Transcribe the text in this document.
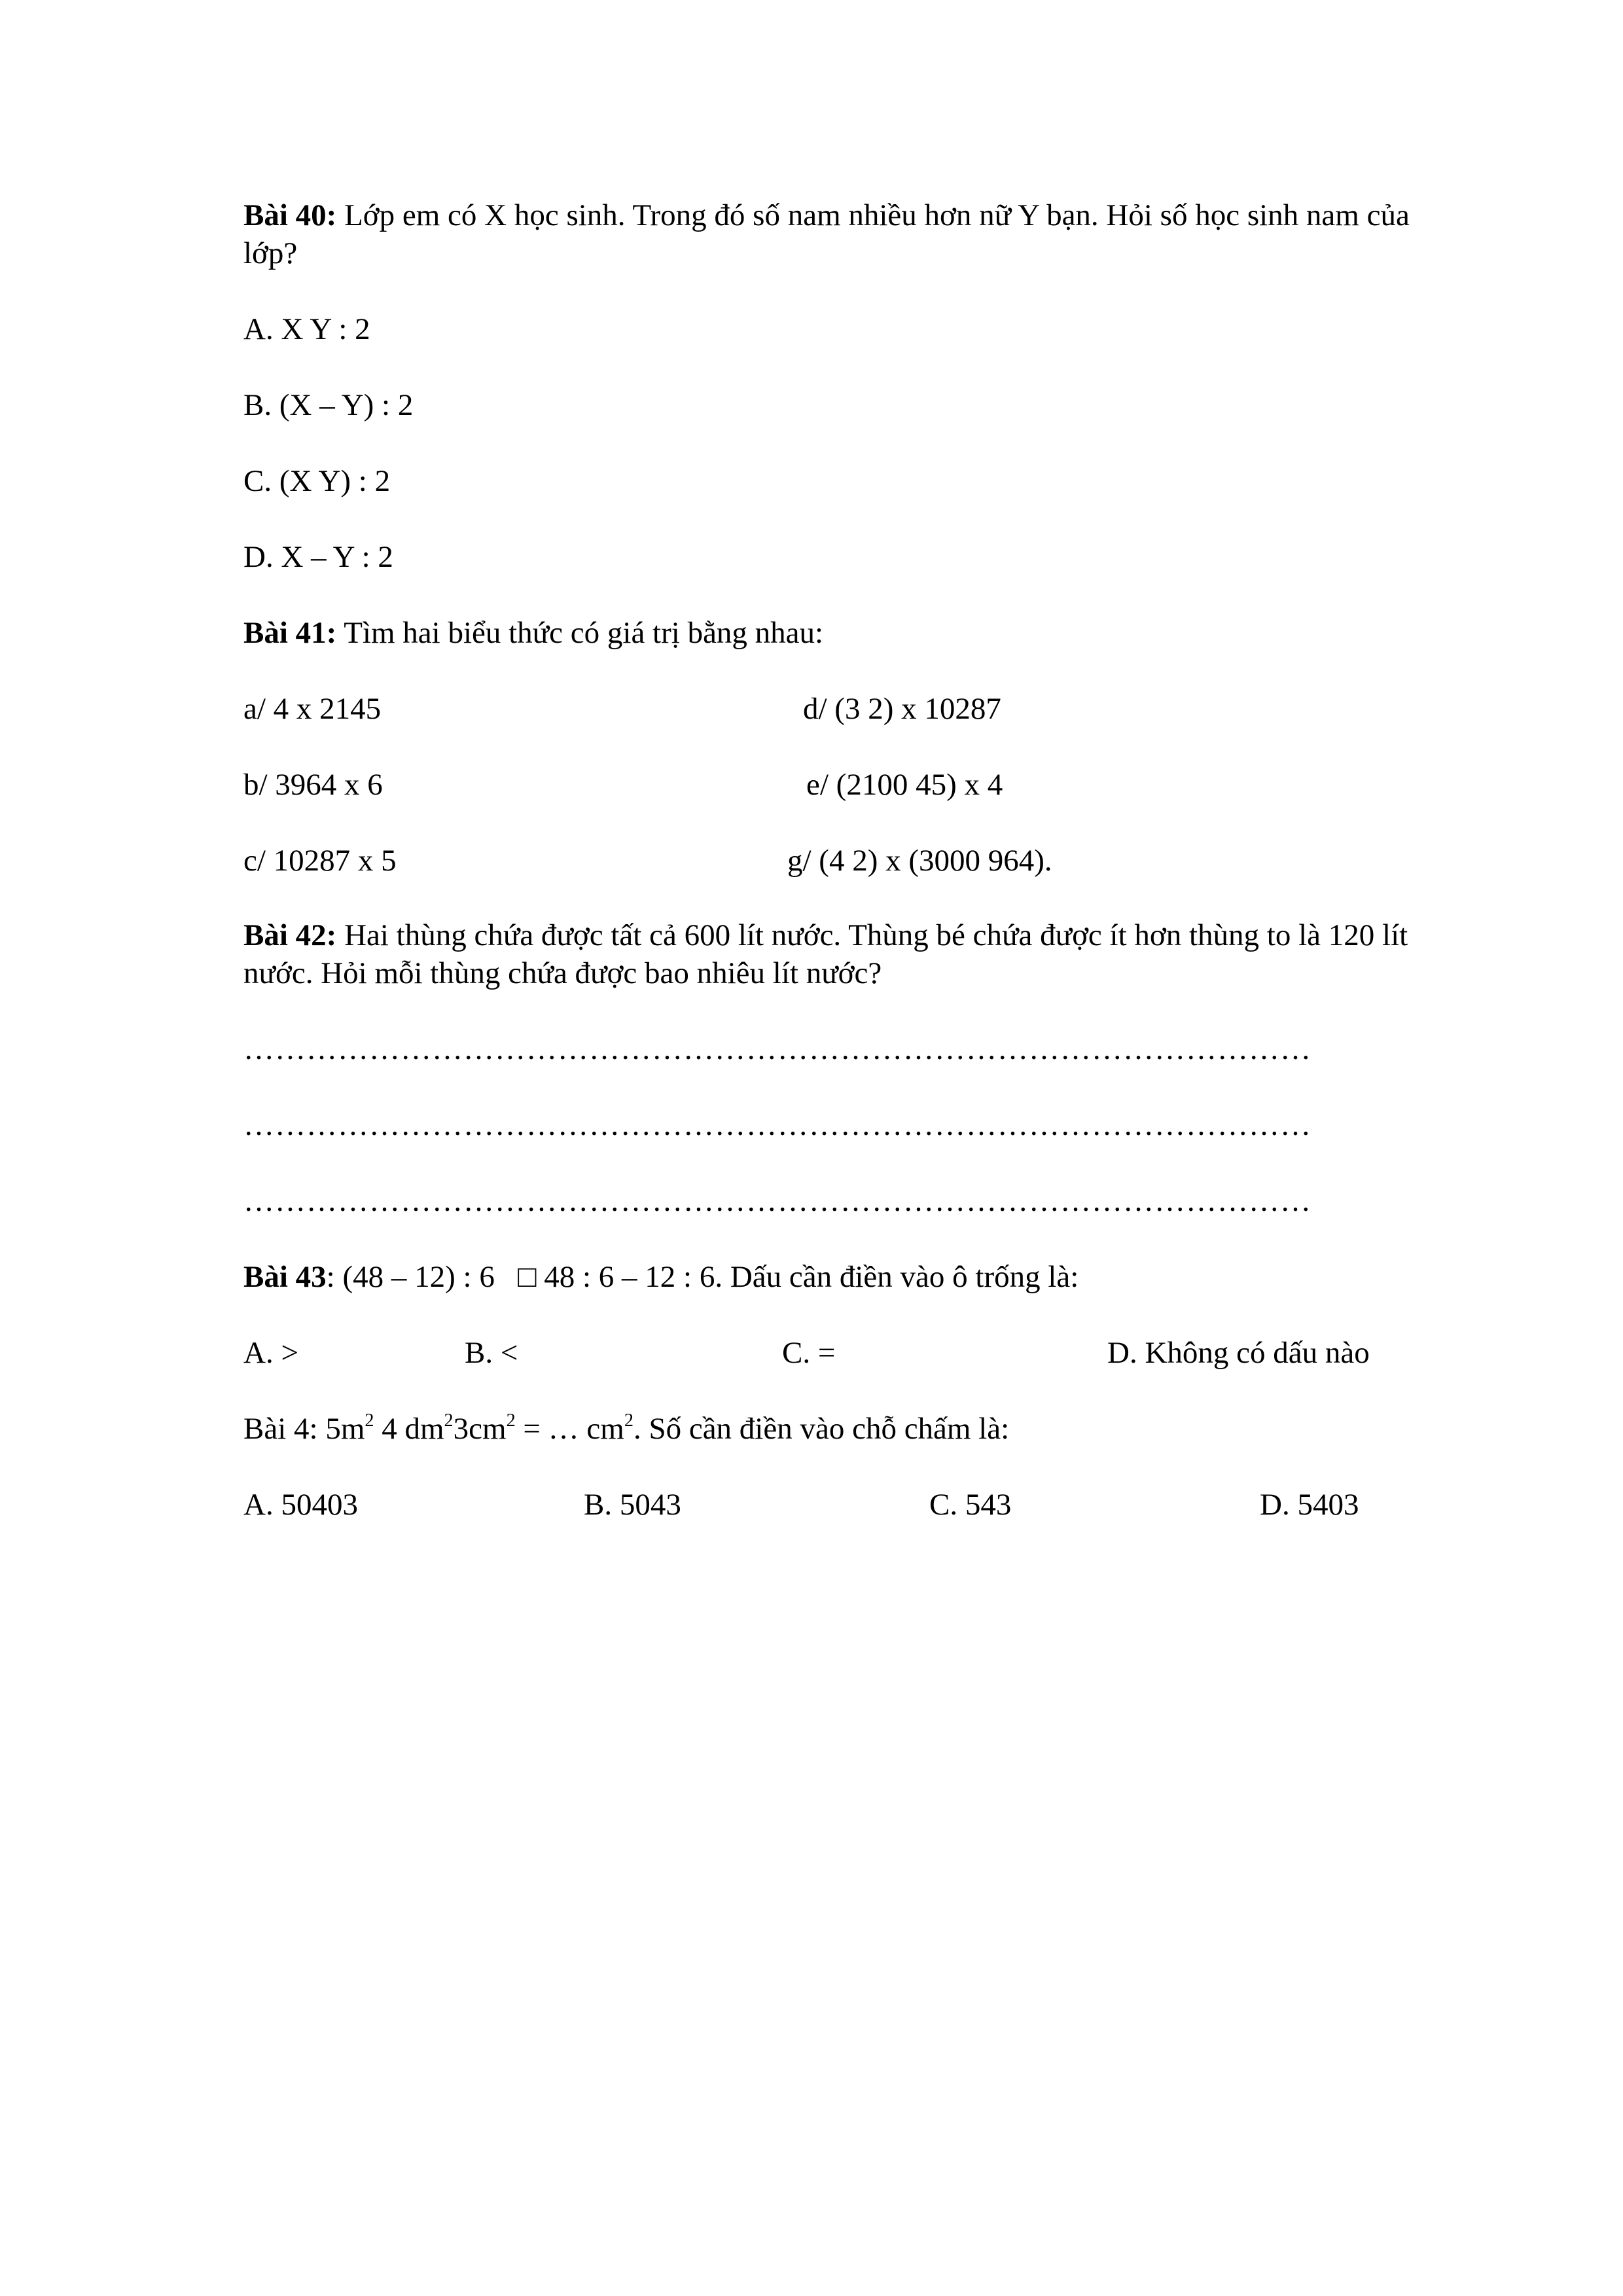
Bài 40: Lớp em có X học sinh. Trong đó số nam nhiều hơn nữ Y bạn. Hỏi số học sinh nam của
lớp?
A. X Y : 2
B. (X – Y) : 2
C. (X Y) : 2
D. X – Y : 2
Bài 41: Tìm hai biểu thức có giá trị bằng nhau:
a/ 4 x 2145	d/ (3 2) x 10287
b/ 3964 x 6	e/ (2100 45) x 4
c/ 10287 x 5	g/ (4 2) x (3000 964).
Bài 42: Hai thùng chứa được tất cả 600 lít nước. Thùng bé chứa được ít hơn thùng to là 120 lít
nước. Hỏi mỗi thùng chứa được bao nhiêu lít nước?
…………………………………………………………………………………………
…………………………………………………………………………………………
…………………………………………………………………………………………
Bài 43: (48 – 12) : 6   □ 48 : 6 – 12 : 6. Dấu cần điền vào ô trống là:
A. >	B. <	C. =	D. Không có dấu nào
Bài 4: $5m^2$ 4 $dm^23cm^2$ = … $cm^2$. Số cần điền vào chỗ chấm là:
A. 50403	B. 5043	C. 543	D. 5403
